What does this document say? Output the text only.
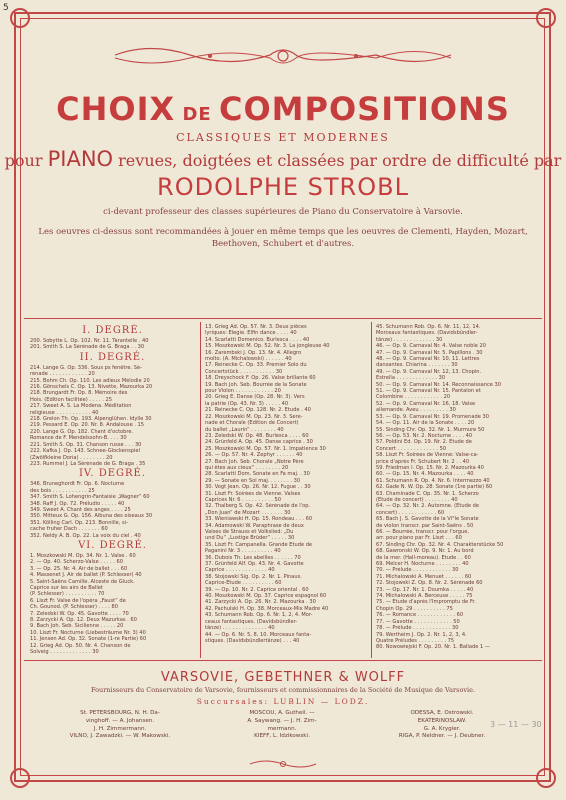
5
CHOIX DE COMPOSITIONS
CLASSIQUES ET MODERNES
pour PIANO revues, doigtées et classées par ordre de difficulté par
RODOLPHE STROBL
ci-devant professeur des classes supérieures de Piano du Conservatoire à Varsovie.
Les oeuvres ci-dessus sont recommandées à jouer en même temps que les oeuvres de Clementi, Hayden, Mozart,
Beethoven, Schubert et d'autres.
I. DEGRÉ.
200. Sobytte L. Op. 102. Nr. 11. Tarantelle . 40
201. Smith S. La Sérénade de G. Braga . . 30
II. DEGRÉ.
214. Lange G. Op. 336. Sous ps fenêtre. Sé-
rénade . . . . . . . . . . . . 20
215. Bohm Ch. Op. 110. Les adieux Mélodie 20
216. Gönschels C. Op. 13. Nivette, Mazourka 20
218. Brungardt Fr. Op. 8. Mémoire des
Hois. (Edition facilitée) . . . . . 25
217. Sweet A. S. La Modena. Méditation
religieuse . . . . . . . . . . . 40
218. Grelon Th. Op. 193. Alpenglühen. Idylle 30
219. Pessard E. Op. 20. Nr. 8. Andalouse . 15
220. Lange G. Op. 182. Chant d'octobre.
Romance de F. Mendelssohn-B. . . . 30
221. Smith S. Op. 31. Chanson russe . . . 30
222. Kafka J. Op. 143. Schnee-Glockenspiel
(Zwölfkleine Doria) . . . . . . . . 20
223. Rummel J. La Sérénade de G. Braga . 35
IV. DEGRÉ.
346. Bruneghordt Fr. Op. 6. Nocturne
des bois . . . . . . . . . . . 25
347. Smith S. Lohengrin-Fantaisie „Wagner“ 60
348. Raff J. Op. 72. Préludio . . . . . 40
349. Sweet A. Chant des anges . . . . 25
350. Mitteux G. Op. 156. Albuna des oiseaux 30
351. Kölling Carl. Op. 213. Bonnille, si-
cache fruher Dach . . . . . . . 60
352. Neldy A. B. Op. 22. La voix du ciel . 40
VI. DEGRÉ.
1. Moszkowski M. Op. 34. Nr. 1. Valse . 60
2. — Op. 40. Scherzo-Valse . . . . . 60
3. — Op. 25. Nr. 4. Air de ballet . . . 60
4. Massenet J. Air de ballet (P. Schlesser) 40
5. Saint-Saëns Camille. Alceste de Gluck.
Caprice sur les airs de Ballet
(P. Schlesser) . . . . . . . . . . 70
6. Liszt Fr. Valse de l'opéra „Faust“ de
Ch. Gounod. (P. Schlesser) . . . . 80
7. Zeledski W. Op. 45. Gavotte . . . . 70
8. Zarzycki A. Op. 12. Deux Mazurkas . 60
9. Bach Joh. Seb. Sicilienne . . . . . 20
10. Liszt Fr. Nocturne (Liebesträume Nr. 3) 40
11. Jensen Ad. Op. 32. Sonate (1-re Partie) 60
12. Grieg Ad. Op. 50. Nr. 4. Chanson de
Solveig . . . . . . . . . . . . . 30
13. Grieg Ad. Op. 57. Nr. 3. Deux piêces
lyriques: Elegie. Elfin dance . . . . 40
14. Scarlatti Domenico. Burlesca . . . . 40
15. Moszkowski M. Op. 52. Nr. 3. La jongleuse 40
16. Zarembski J. Op. 13. Nr. 4. Allegro
molto. (A. Michalowski) . . . . . . 40
17. Reinecke C. Op. 33. Premier Solo du
Concertstück . . . . . . . . . . . 30
18. Dreyschock F. Op. 26. Valse brillante 60
19. Bach Joh. Seb. Bourrée de la Sonate
pour Violon . . . . . . . . . . . . 20
20. Grieg E. Danse (Op. 28. Nr. 3). Vers
la patrie (Op. 43. Nr. 3) . . . . . 40
21. Reinecke C. Op. 128. Nr. 2. Etude . 40
22. Moszkowski M. Op. 23. Nr. 3. Sere-
nade et Chorale (Edition de Concert)
du ballet „Laurin“ . . . . . . . . 40
23. Zeledski W. Op. 48. Burlesca . . . . 60
24. Grünfeld A. Op. 45. Danse caprice . 30
25. Moszkowski M. Op. 57. Nr. 1. Impatience 30
26. — Op. 57. Nr. 4. Zephyr . . . . . . 40
27. Bach Joh. Seb. Chorale „Notre Père
qui êtes aux cieux“ . . . . . . . . 20
28. Scarlatti Dom. Sonate en Fa maj. . 30
29. — Sonate en Sol maj. . . . . . . . 30
30. Vogt Jean. Op. 26. Nr. 12. Fugue . . 30
31. Liszt Fr. Soirées de Vienne. Valses
Caprices Nr. 6 . . . . . . . . . . 50
32. Thalberg S. Op. 42. Sérénade de l'op.
„Don Juan“ de Mozart . . . . . . . 30
33. Wieniawski H. Op. 15. Rondeau . . . 60
34. Adamowski W. Paraphrase de deux
Valses de Strauss et Volkslied: „Du
und Du“ „Lustige Brüder“ . . . . . 30
35. Liszt Fr. Campanella. Grande Etude de
Paganini Nr. 3 . . . . . . . . . . 40
36. Dubois Th. Les abeilles . . . . . . 70
37. Grünfeld Alf. Op. 43. Nr. 4. Gavotte
Caprice . . . . . . . . . . . . . 40
38. Stojowski Sig. Op. 2. Nr. 1. Pinaus.
Caprice-Etude . . . . . . . . . . 60
39. — Op. 10. Nr. 2. Caprice oriental . 60
40. Moszkowski M. Op. 37. Caprice espagnol 60
41. Zarzycki A. Op. 26. Nr. 2. Mazourka . 30
42. Pachulski H. Op. 38. Morceaux-Mix Madre 40
43. Schumann Rob. Op. 6. Nr. 1, 2, 4. Mor-
ceaux fantastiques. (Davidsbündler-
tänze) . . . . . . . . . . . . . . 40
44. — Op. 6. Nr. 5, 8, 10. Morceaux fanta-
stiques. (Davidsbündlertänze) . . . 40
45. Schumann Rob. Op. 6. Nr. 11, 12, 14.
Morceaux fantastiques. (Davidsbündler-
tänze) . . . . . . . . . . . . . 30
46. — Op. 9. Carnaval Nr. 4. Valse noble 20
47. — Op. 9. Carnaval Nr. 5. Papillons . 30
48. — Op. 9. Carnaval Nr. 10, 11. Lettres
dansantes. Chiarina . . . . . . . 30
49. — Op. 9. Carnaval Nr. 12, 13. Chopin.
Estrella . . . . . . . . . . . . . 30
50. — Op. 9. Carnaval Nr. 14. Reconnaissance 30
51. — Op. 9. Carnaval Nr. 15. Pantalon et
Colombine . . . . . . . . . . . . 20
52. — Op. 9. Carnaval Nr. 16, 18. Valse
allemande. Aveu . . . . . . . . . 30
53. — Op. 9. Carnaval Nr. 19. Promenade 30
54. — Op. 11. Air de la Sonate . . . . 20
55. Sinding Chr. Op. 32. Nr. 1. Murmure 50
56. — Op. 53. Nr. 2. Nocturne . . . . 40
57. Poldini Ed. Op. 19. Nr. 2. Etude de
Concert . . . . . . . . . . . . . 50
58. Liszt Fr. Soirées de Vienne: Valse-ca-
price d'après Fr. Schubert Nr. 2 . . 40
59. Friedman I. Op. 15. Nr. 2. Mazourka 40
60. — Op. 15. Nr. 4. Mazourka . . . . 40
61. Schumann R. Op. 4. Nr. 6. Intermezzo 40
62. Gade N. W. Op. 28. Sonate (1re partie) 60
63. Chaminade C. Op. 35. Nr. 1. Scherzo
(Étude de concert) . . . . . . . . 40
64. — Op. 32. Nr. 2. Automne. (Étude de
concert) . . . . . . . . . . . . 60
65. Bach J. S. Gavotte de la Vi°le Sonate
de violon transcr. par Saint-Saëns . 50
66. — Bourrée, transcr. pour l'orgue,
arr. pour piano par Fr. Liszt . . . 60
67. Sinding Chr. Op. 32. Nr. 4. Charakterstücke 50
68. Gawronski W. Op. 9. Nr. 1. Au bord
de la mer. (Hall-moreau). Étude . . 60
69. Melcer H. Nocturne . . . . . . . . 40
70. — Prélude . . . . . . . . . . . . 30
71. Michalowski A. Menuet . . . . . . 60
72. Stojowski Z. Op. 8. Nr. 2. Sérénade 60
73. — Op. 17. Nr. 1. Doumka . . . . . 40
74. Michalowski A. Berceuse . . . . . 75
75. — Etude d'après l'Impromptu de Fr.
Chopin Op. 29 . . . . . . . . . . 75
76. — Romance . . . . . . . . . . . . 60
77. — Gavotte . . . . . . . . . . . . 50
78. — Prélude . . . . . . . . . . . . 30
79. Wertheim J. Op. 2. Nr. 1, 2, 3, 4.
Quatre Préludes . . . . . . . . . 75
80. Nowowiejski F. Op. 20. Nr. 1. Ballade 1 —
VARSOVIE, GEBETHNER & WOLFF
Fournisseurs du Conservatoire de Varsovie, fournisseurs et commissionnaires de la Société de Musique de Varsovie.
Succursales: LUBLIN — LODZ.
St. PETERSBOURG, N. H. Da-
vinghoff. — A. Johansen.
J. H. Zimmermann.
VILNO, J. Zawadzki. — W. Makowski.
MOSCOU, A. Gutheil. —
A. Saywang. — J. H. Zim-
mermann.
KIEFF, L. Idzikowski.
ODESSA, E. Ostrowski.
EKATERINOSLAW.
G. A. Krygier.
RIGA, P. Neldner. — J. Deubner.
3 — 11 — 30
